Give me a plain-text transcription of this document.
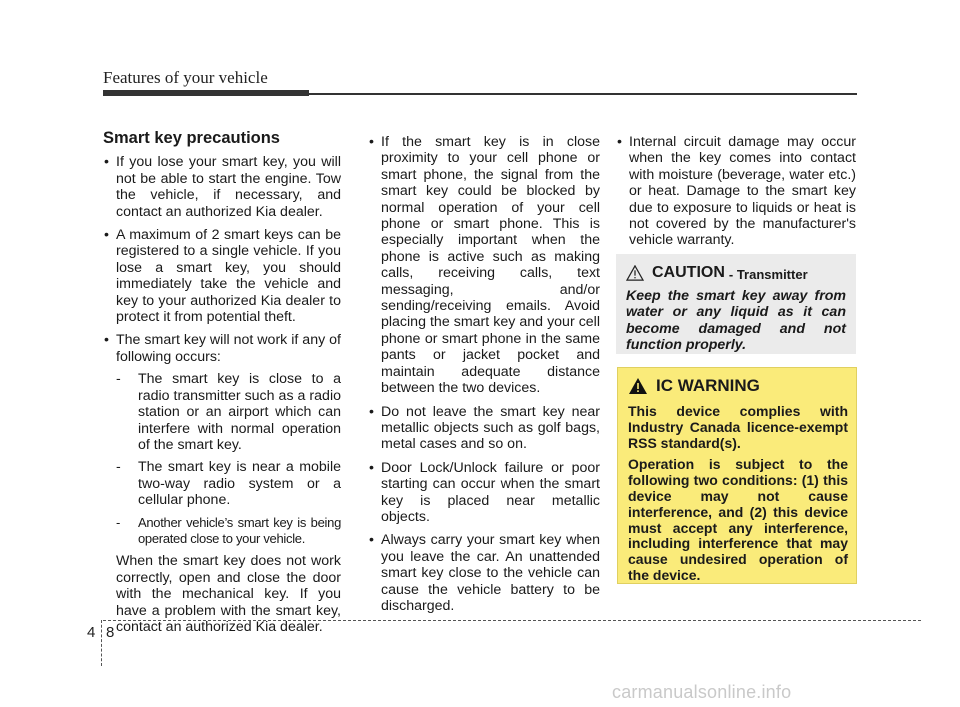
Features of your vehicle
Smart key precautions
• If you lose your smart key, you will not be able to start the engine. Tow the vehicle, if necessary, and contact an authorized Kia dealer.
• A maximum of 2 smart keys can be registered to a single vehicle. If you lose a smart key, you should immediately take the vehicle and key to your authorized Kia dealer to protect it from potential theft.
• The smart key will not work if any of following occurs:
- The smart key is close to a radio transmitter such as a radio station or an airport which can interfere with normal operation of the smart key.
- The smart key is near a mobile two-way radio system or a cellular phone.
- Another vehicle’s smart key is being operated close to your vehicle.

When the smart key does not work correctly, open and close the door with the mechanical key. If you have a problem with the smart key, contact an authorized Kia dealer.

• If the smart key is in close proximity to your cell phone or smart phone, the signal from the smart key could be blocked by normal operation of your cell phone or smart phone. This is especially important when the phone is active such as making calls, receiving calls, text messaging, and/or sending/receiving emails. Avoid placing the smart key and your cell phone or smart phone in the same pants or jacket pocket and maintain adequate distance between the two devices.
• Do not leave the smart key near metallic objects such as golf bags, metal cases and so on.
• Door Lock/Unlock failure or poor starting can occur when the smart key is placed near metallic objects.
• Always carry your smart key when you leave the car. An unattended smart key close to the vehicle can cause the vehicle battery to be discharged.
• Internal circuit damage may occur when the key comes into contact with moisture (beverage, water etc.) or heat. Damage to the smart key due to exposure to liquids or heat is not covered by the manufacturer's vehicle warranty.
CAUTION - Transmitter

Keep the smart key away from water or any liquid as it can become damaged and not function properly.

IC WARNING

This device complies with Industry Canada licence-exempt RSS standard(s).

Operation is subject to the following two conditions: (1) this device may not cause interference, and (2) this device must accept any interference, including interference that may cause undesired operation of the device.

4 8
carmanualsonline.info
